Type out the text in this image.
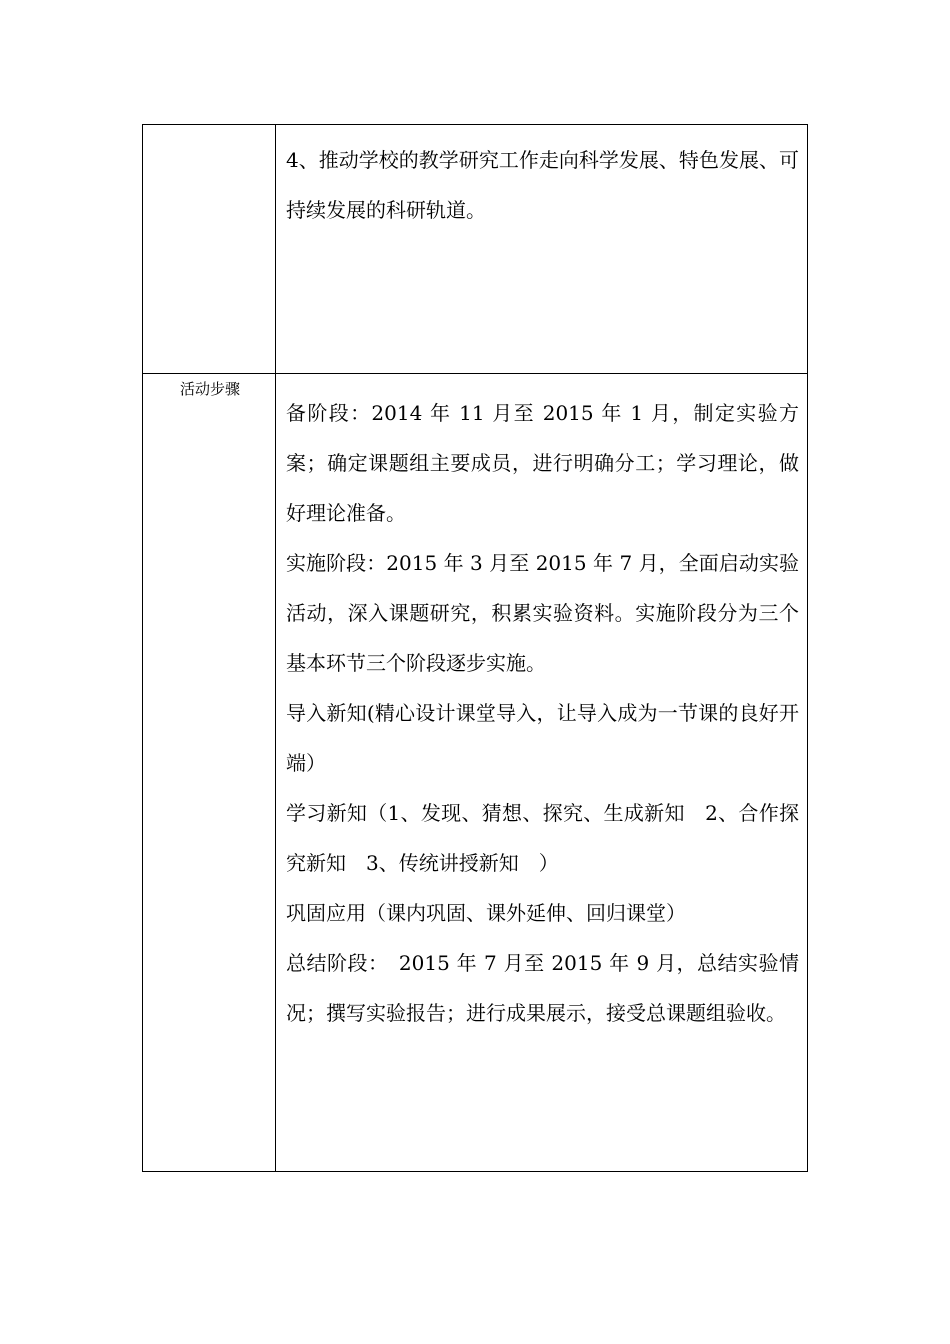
4、推动学校的教学研究工作走向科学发展、特色发展、可持续发展的科研轨道。

活动步骤

备阶段：2014 年 11 月至 2015 年 1 月，制定实验方案；确定课题组主要成员，进行明确分工；学习理论，做好理论准备。

实施阶段：2015 年 3 月至 2015 年 7 月，全面启动实验活动，深入课题研究，积累实验资料。实施阶段分为三个基本环节三个阶段逐步实施。

导入新知(精心设计课堂导入，让导入成为一节课的良好开端）

学习新知（1、发现、猜想、探究、生成新知　2、合作探究新知　3、传统讲授新知　）

巩固应用（课内巩固、课外延伸、回归课堂）

总结阶段：　2015 年 7 月至 2015 年 9 月，总结实验情况；撰写实验报告；进行成果展示，接受总课题组验收。
